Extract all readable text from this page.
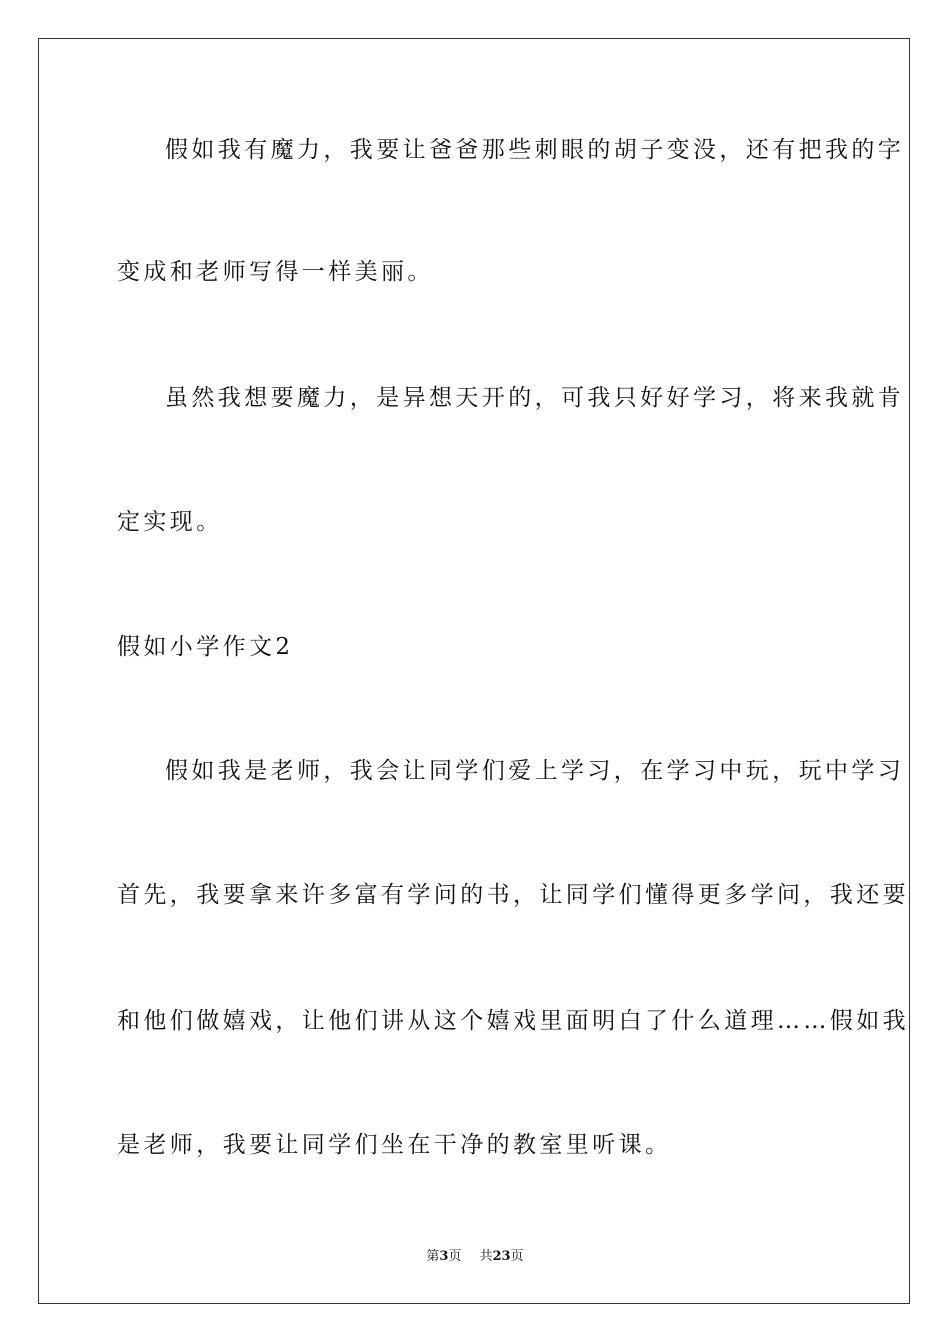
假如我有魔力，我要让爸爸那些刺眼的胡子变没，还有把我的字
变成和老师写得一样美丽。
虽然我想要魔力，是异想天开的，可我只好好学习，将来我就肯
定实现。
假如小学作文2
假如我是老师，我会让同学们爱上学习，在学习中玩，玩中学习
首先，我要拿来许多富有学问的书，让同学们懂得更多学问，我还要
和他们做嬉戏，让他们讲从这个嬉戏里面明白了什么道理……假如我
是老师，我要让同学们坐在干净的教室里听课。
第3页 共23页
